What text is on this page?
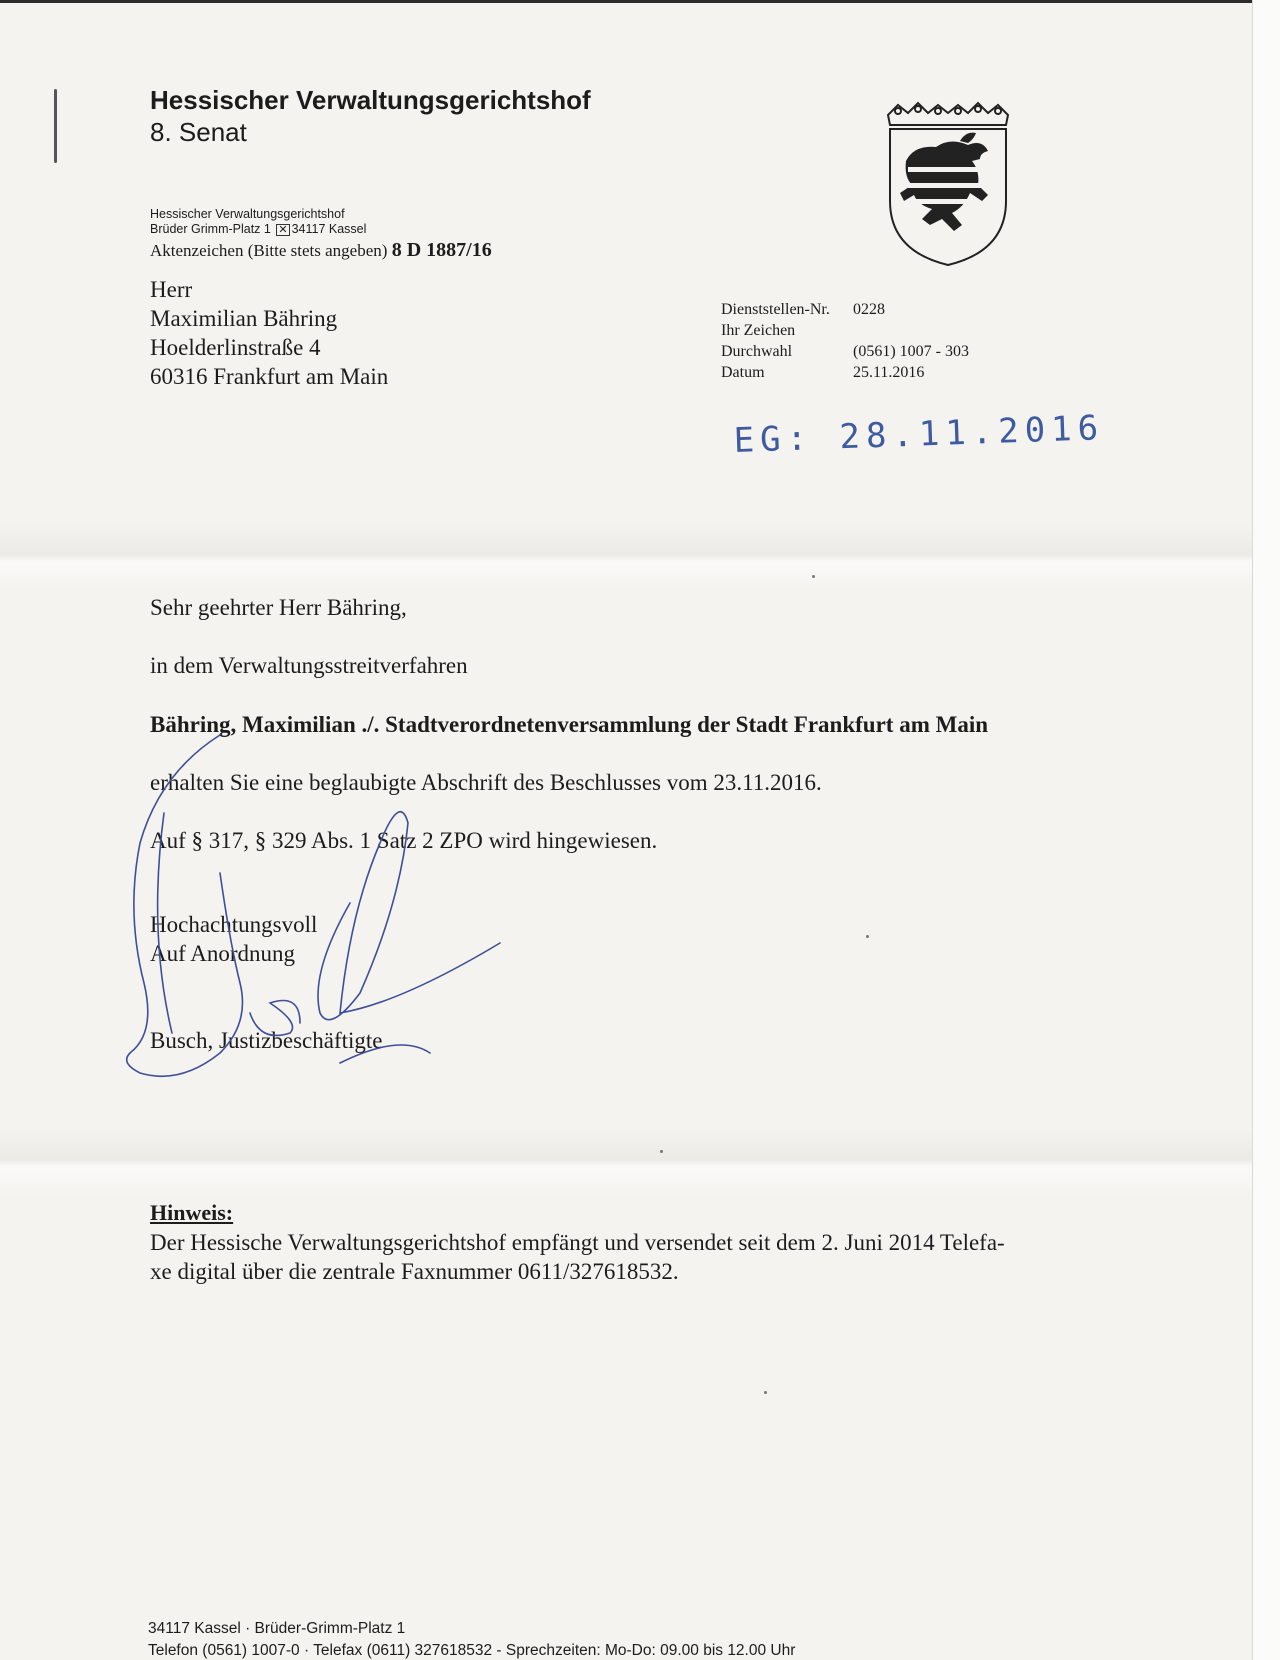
Hessischer Verwaltungsgerichtshof
8. Senat
Hessischer Verwaltungsgerichtshof
Brüder Grimm-Platz 1 ✕ 34117 Kassel
Aktenzeichen (Bitte stets angeben) 8 D 1887/16
Herr
Maximilian Bähring
Hoelderlinstraße 4
60316 Frankfurt am Main
Dienststellen-Nr. 0228
Ihr Zeichen
Durchwahl	(0561) 1007 - 303
Datum	25.11.2016
EG: 28.11.2016
Sehr geehrter Herr Bähring,
in dem Verwaltungsstreitverfahren
Bähring, Maximilian ./. Stadtverordnetenversammlung der Stadt Frankfurt am Main
erhalten Sie eine beglaubigte Abschrift des Beschlusses vom 23.11.2016.
Auf § 317, § 329 Abs. 1 Satz 2 ZPO wird hingewiesen.
Hochachtungsvoll
Auf Anordnung
Busch, Justizbeschäftigte
Hinweis:
Der Hessische Verwaltungsgerichtshof empfängt und versendet seit dem 2. Juni 2014 Telefa-
xe digital über die zentrale Faxnummer 0611/327618532.
34117 Kassel · Brüder-Grimm-Platz 1
Telefon (0561) 1007-0 · Telefax (0611) 327618532 - Sprechzeiten: Mo-Do: 09.00 bis 12.00 Uhr
